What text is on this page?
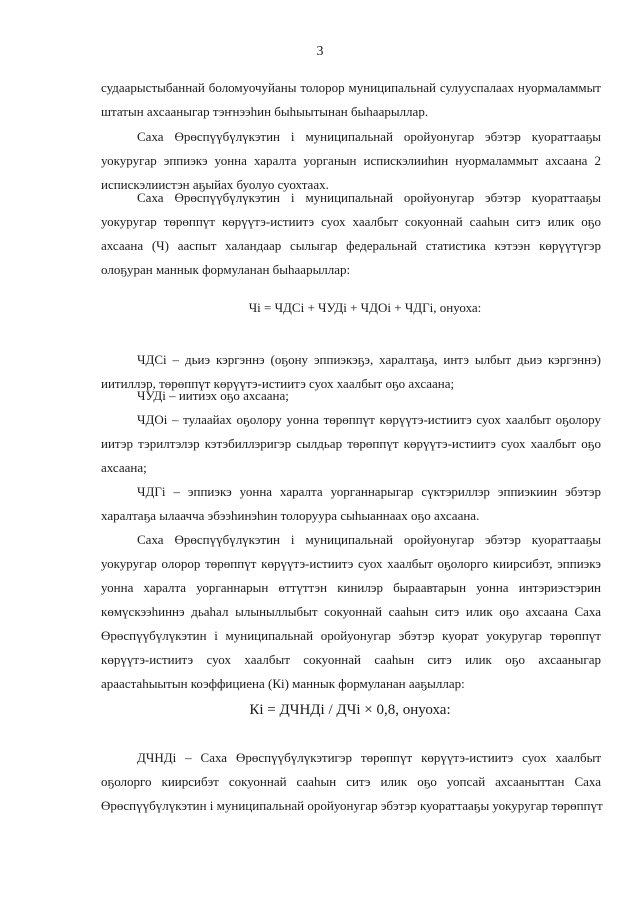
3
судаарыстыбаннай боломуочуйаны толорор муниципальнай сулууспалаах нуормаламмыт
штатын ахсааныгар тэҥнээһин быһыытынан быһаарыллар.
Саха Өрөспүүбүлүкэтин і муниципальнай оройуонугар эбэтэр куораттааҕы
уокуругар эппиэкэ уонна харалта уорганын испискэлииһин нуормаламмыт ахсаана 2
испискэлиистэн аҕыйах буолуо суохтаах.
Саха Өрөспүүбүлүкэтин і муниципальнай оройуонугар эбэтэр куораттааҕы
уокуругар төрөппүт көрүүтэ-истиитэ суох хаалбыт сокуоннай сааһын ситэ илик оҕо
ахсаана (Ч) ааспыт халандаар сылыгар федеральнай статистика кэтээн көрүүтүгэр
олоҕуран маннык формуланан быһаарыллар:
Чі = ЧДСі + ЧУДі + ЧДОі + ЧДГі, онуоха:
ЧДСі – дьиэ кэргэннэ (оҕону эппиэкэҕэ, харалтаҕа, интэ ылбыт дьиэ кэргэннэ)
иитиллэр, төрөппүт көрүүтэ-истиитэ суох хаалбыт оҕо ахсаана;
ЧУДі – иитиэх оҕо ахсаана;
ЧДОі – тулаайах оҕолору уонна төрөппүт көрүүтэ-истиитэ суох хаалбыт оҕолору
иитэр тэрилтэлэр кэтэбиллэригэр сылдьар төрөппүт көрүүтэ-истиитэ суох хаалбыт оҕо
ахсаана;
ЧДГі – эппиэкэ уонна харалта уорганнарыгар сүктэриллэр эппиэкиин эбэтэр
харалтаҕа ылаачча эбээһинэһин толоруура сыһыаннаах оҕо ахсаана.
Саха Өрөспүүбүлүкэтин і муниципальнай оройуонугар эбэтэр куораттааҕы
уокуругар олорор төрөппүт көрүүтэ-истиитэ суох хаалбыт оҕолорго киирсибэт, эппиэкэ
уонна харалта уорганнарын өттүттэн кинилэр быраавтарын уонна интэриэстэрин
көмүскээһиннэ дьаһал ылыныллыбыт сокуоннай сааһын ситэ илик оҕо ахсаана Саха
Өрөспүүбүлүкэтин і муниципальнай оройуонугар эбэтэр куорат уокуругар төрөппүт
көрүүтэ-истиитэ суох хаалбыт сокуоннай сааһын ситэ илик оҕо ахсааныгар
араастаһыытын коэффициена (Кі) маннык формуланан ааҕыллар:
Кі = ДЧНДі / ДЧі × 0,8, онуоха:
ДЧНДі – Саха Өрөспүүбүлүкэтигэр төрөппүт көрүүтэ-истиитэ суох хаалбыт
оҕолорго киирсибэт сокуоннай сааһын ситэ илик оҕо уопсай ахсааныттан Саха
Өрөспүүбүлүкэтин і муниципальнай оройуонугар эбэтэр куораттааҕы уокуругар төрөппүт
